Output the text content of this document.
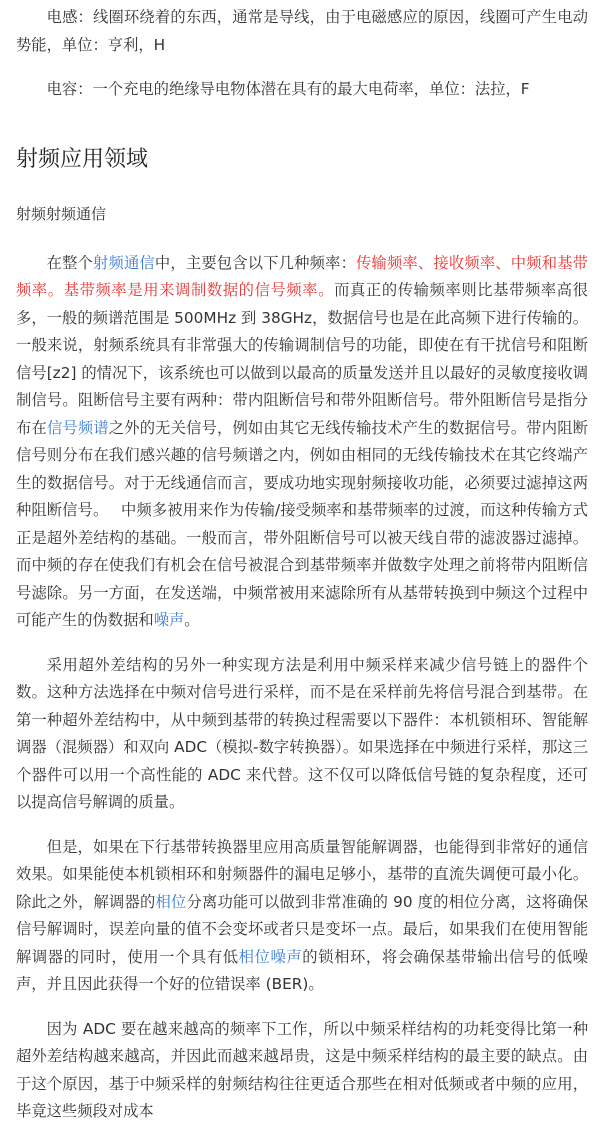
电感：线圈环绕着的东西，通常是导线，由于电磁感应的原因，线圈可产生电动势能，单位：亨利，H

电容：一个充电的绝缘导电物体潜在具有的最大电荷率，单位：法拉，F

射频应用领域

射频射频通信

在整个射频通信中，主要包含以下几种频率：传输频率、接收频率、中频和基带频率。基带频率是用来调制数据的信号频率。而真正的传输频率则比基带频率高很多，一般的频谱范围是 500MHz 到 38GHz，数据信号也是在此高频下进行传输的。一般来说，射频系统具有非常强大的传输调制信号的功能，即使在有干扰信号和阻断信号[z2] 的情况下，该系统也可以做到以最高的质量发送并且以最好的灵敏度接收调制信号。阻断信号主要有两种：带内阻断信号和带外阻断信号。带外阻断信号是指分布在信号频谱之外的无关信号，例如由其它无线传输技术产生的数据信号。带内阻断信号则分布在我们感兴趣的信号频谱之内，例如由相同的无线传输技术在其它终端产生的数据信号。对于无线通信而言，要成功地实现射频接收功能，必须要过滤掉这两种阻断信号。　 中频多被用来作为传输/接受频率和基带频率的过渡，而这种传输方式正是超外差结构的基础。一般而言，带外阻断信号可以被天线自带的滤波器过滤掉。而中频的存在使我们有机会在信号被混合到基带频率并做数字处理之前将带内阻断信号滤除。另一方面，在发送端，中频常被用来滤除所有从基带转换到中频这个过程中可能产生的伪数据和噪声。

采用超外差结构的另外一种实现方法是利用中频采样来减少信号链上的器件个数。这种方法选择在中频对信号进行采样，而不是在采样前先将信号混合到基带。在第一种超外差结构中，从中频到基带的转换过程需要以下器件：本机锁相环、智能解调器（混频器）和双向 ADC（模拟-数字转换器）。如果选择在中频进行采样，那这三个器件可以用一个高性能的 ADC 来代替。这不仅可以降低信号链的复杂程度，还可以提高信号解调的质量。

但是，如果在下行基带转换器里应用高质量智能解调器，也能得到非常好的通信效果。如果能使本机锁相环和射频器件的漏电足够小，基带的直流失调便可最小化。除此之外，解调器的相位分离功能可以做到非常准确的 90 度的相位分离，这将确保信号解调时，误差向量的值不会变坏或者只是变坏一点。最后，如果我们在使用智能解调器的同时，使用一个具有低相位噪声的锁相环，将会确保基带输出信号的低噪声，并且因此获得一个好的位错误率 (BER)。

因为 ADC 要在越来越高的频率下工作，所以中频采样结构的功耗变得比第一种超外差结构越来越高，并因此而越来越昂贵，这是中频采样结构的最主要的缺点。由于这个原因，基于中频采样的射频结构往往更适合那些在相对低频或者中频的应用，毕竟这些频段对成本
